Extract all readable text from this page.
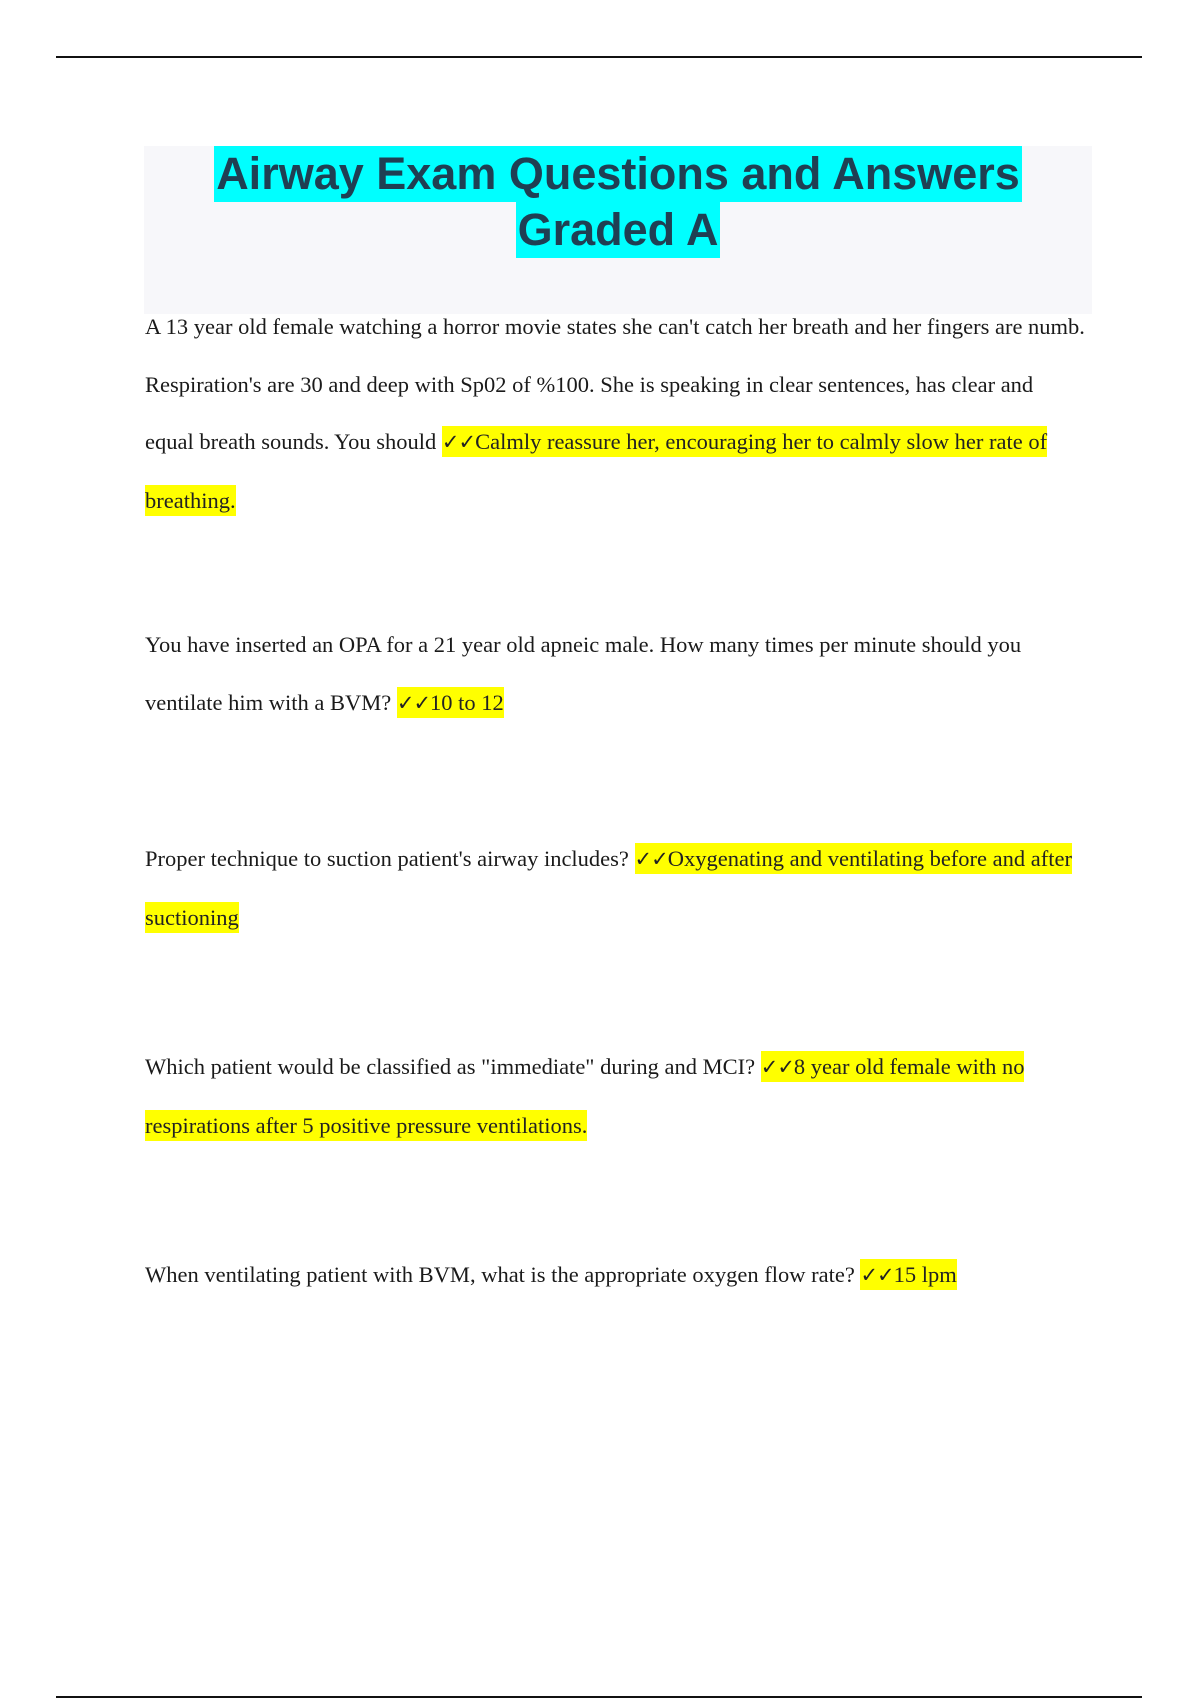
Airway Exam Questions and Answers
Graded A

A 13 year old female watching a horror movie states she can't catch her breath and her fingers are numb. Respiration's are 30 and deep with Sp02 of %100. She is speaking in clear sentences, has clear and equal breath sounds. You should ✓✓Calmly reassure her, encouraging her to calmly slow her rate of breathing.

You have inserted an OPA for a 21 year old apneic male. How many times per minute should you ventilate him with a BVM? ✓✓10 to 12

Proper technique to suction patient's airway includes? ✓✓Oxygenating and ventilating before and after suctioning

Which patient would be classified as "immediate" during and MCI? ✓✓8 year old female with no respirations after 5 positive pressure ventilations.

When ventilating patient with BVM, what is the appropriate oxygen flow rate? ✓✓15 lpm
